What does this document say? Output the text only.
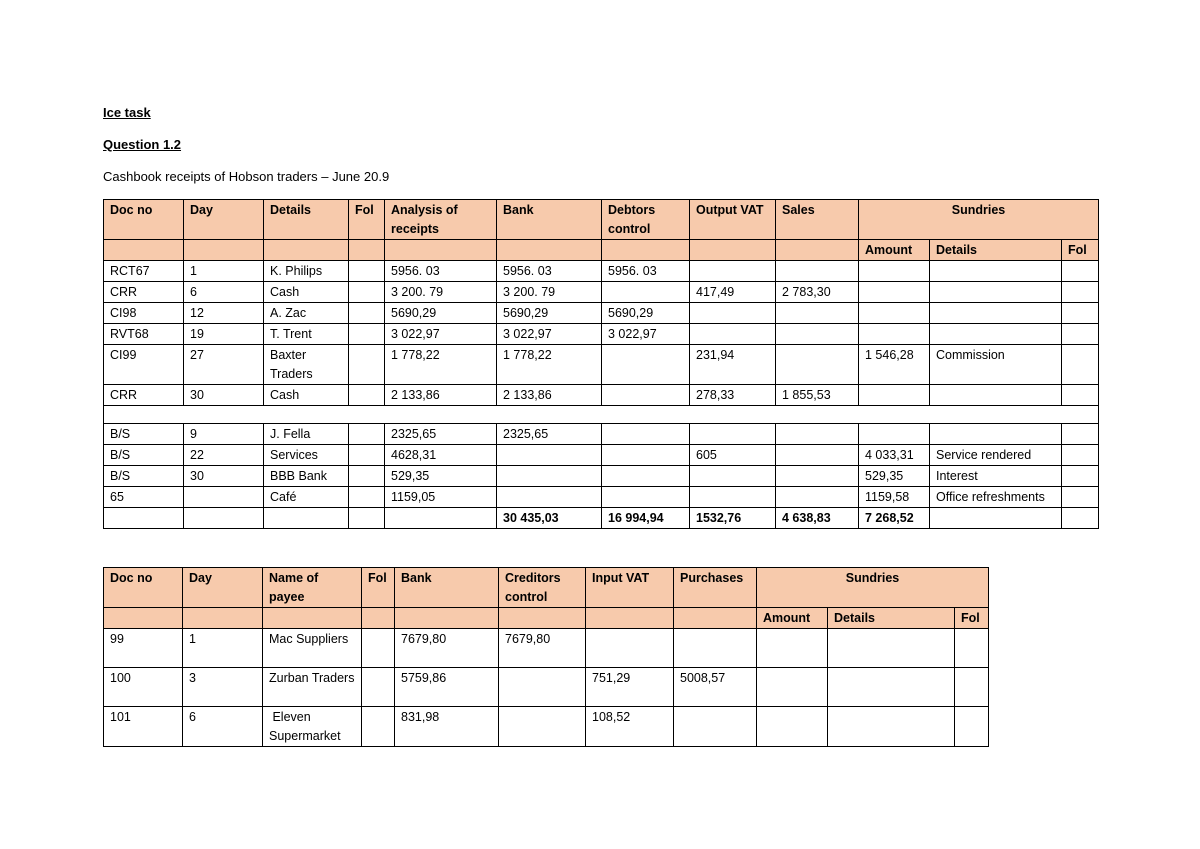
Ice task
Question 1.2
Cashbook receipts of Hobson traders – June 20.9
Doc no	Day	Details	Fol	Analysis of receipts	Bank	Debtors control	Output VAT	Sales	Sundries		
									Amount	Details	Fol
RCT67	1	K. Philips		5956. 03	5956. 03	5956. 03					
CRR	6	Cash		3 200. 79	3 200. 79		417,49	2 783,30			
CI98	12	A. Zac		5690,29	5690,29	5690,29					
RVT68	19	T. Trent		3 022,97	3 022,97	3 022,97					
CI99	27	Baxter Traders		1 778,22	1 778,22		231,94		1 546,28	Commission	
CRR	30	Cash		2 133,86	2 133,86		278,33	1 855,53			

B/S	9	J. Fella		2325,65	2325,65						
B/S	22	Services		4628,31			605		4 033,31	Service rendered	
B/S	30	BBB Bank		529,35					529,35	Interest	
65		Café		1159,05					1159,58	Office refreshments	
					30 435,03	16 994,94	1532,76	4 638,83	7 268,52		
Doc no	Day	Name of payee	Fol	Bank	Creditors control	Input VAT	Purchases	Sundries		
								Amount	Details	Fol
99	1	Mac Suppliers		7679,80	7679,80					
100	3	Zurban Traders		5759,86		751,29	5008,57			
101	6	Eleven Supermarket		831,98		108,52				
